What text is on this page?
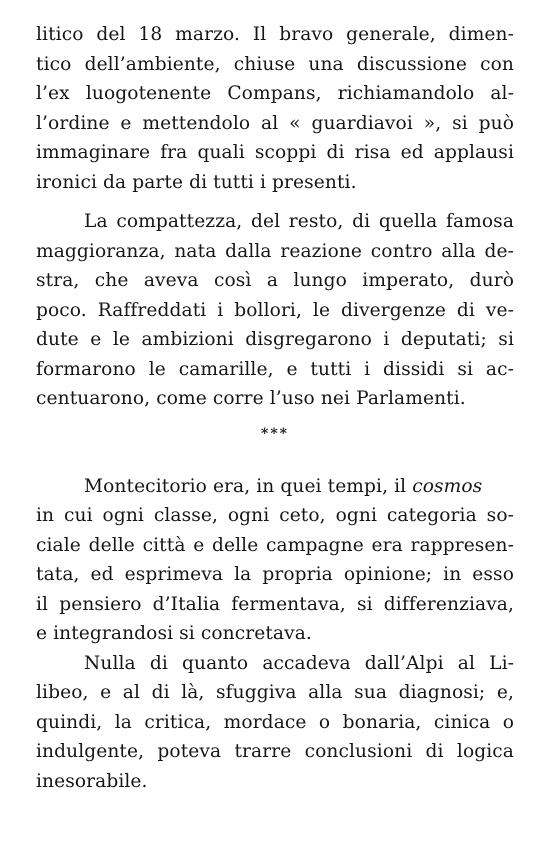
litico del 18 marzo. Il bravo generale, dimen-
tico dell’ambiente, chiuse una discussione con
l’ex luogotenente Compans, richiamandolo al-
l’ordine e mettendolo al « guardiavoi », si può
immaginare fra quali scoppi di risa ed applausi
ironici da parte di tutti i presenti.
La compattezza, del resto, di quella famosa
maggioranza, nata dalla reazione contro alla de-
stra, che aveva così a lungo imperato, durò
poco. Raffreddati i bollori, le divergenze di ve-
dute e le ambizioni disgregarono i deputati; si
formarono le camarille, e tutti i dissidi si ac-
centuarono, come corre l’uso nei Parlamenti.
***
Montecitorio era, in quei tempi, il cosmos
in cui ogni classe, ogni ceto, ogni categoria so-
ciale delle città e delle campagne era rappresen-
tata, ed esprimeva la propria opinione; in esso
il pensiero d’Italia fermentava, si differenziava,
e integrandosi si concretava.
Nulla di quanto accadeva dall’Alpi al Li-
libeo, e al di là, sfuggiva alla sua diagnosi; e,
quindi, la critica, mordace o bonaria, cinica o
indulgente, poteva trarre conclusioni di logica
inesorabile.
